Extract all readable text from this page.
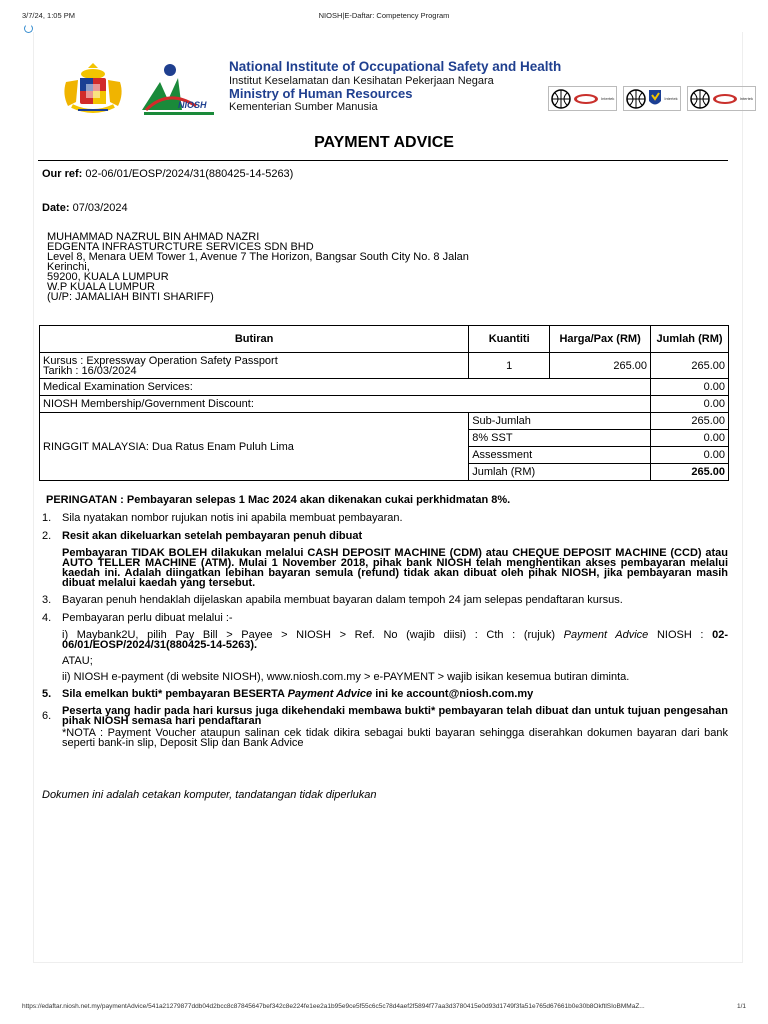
3/7/24, 1:05 PM	NIOSH|E-Daftar: Competency Program
NIOSH
National Institute of Occupational Safety and Health
Institut Keselamatan dan Kesihatan Pekerjaan Negara
Ministry of Human Resources
Kementerian Sumber Manusia
Intertek	Intertek	Intertek
PAYMENT ADVICE
Our ref: 02-06/01/EOSP/2024/31(880425-14-5263)
Date: 07/03/2024
MUHAMMAD NAZRUL BIN AHMAD NAZRI
EDGENTA INFRASTURCTURE SERVICES SDN BHD
Level 8, Menara UEM Tower 1, Avenue 7 The Horizon, Bangsar South City No. 8 Jalan
Kerinchi,
59200, KUALA LUMPUR
W.P KUALA LUMPUR
(U/P: JAMALIAH BINTI SHARIFF)
Butiran	Kuantiti	Harga/Pax (RM)	Jumlah (RM)

Kursus : Expressway Operation Safety Passport
Tarikh : 16/03/2024	1	265.00	265.00
Medical Examination Services:			0.00
NIOSH Membership/Government Discount:			0.00
RINGGIT MALAYSIA: Dua Ratus Enam Puluh Lima	Sub-Jumlah		265.00
	8% SST		0.00
	Assessment		0.00
	Jumlah (RM)		265.00
PERINGATAN : Pembayaran selepas 1 Mac 2024 akan dikenakan cukai perkhidmatan 8%.
1. Sila nyatakan nombor rujukan notis ini apabila membuat pembayaran.
2. Resit akan dikeluarkan setelah pembayaran penuh dibuat
Pembayaran TIDAK BOLEH dilakukan melalui CASH DEPOSIT MACHINE (CDM) atau CHEQUE DEPOSIT MACHINE (CCD) atau AUTO TELLER MACHINE (ATM). Mulai 1 November 2018, pihak bank NIOSH telah menghentikan akses pembayaran melalui kaedah ini. Adalah diingatkan lebihan bayaran semula (refund) tidak akan dibuat oleh pihak NIOSH, jika pembayaran masih dibuat melalui kaedah yang tersebut.
3. Bayaran penuh hendaklah dijelaskan apabila membuat bayaran dalam tempoh 24 jam selepas pendaftaran kursus.
4. Pembayaran perlu dibuat melalui :-
i) Maybank2U, pilih Pay Bill > Payee > NIOSH > Ref. No (wajib diisi) : Cth : (rujuk) Payment Advice NIOSH : 02-06/01/EOSP/2024/31(880425-14-5263).
ATAU;
ii) NIOSH e-payment (di website NIOSH), www.niosh.com.my > e-PAYMENT > wajib isikan kesemua butiran diminta.
5. Sila emelkan bukti* pembayaran BESERTA Payment Advice ini ke account@niosh.com.my
6. Peserta yang hadir pada hari kursus juga dikehendaki membawa bukti* pembayaran telah dibuat dan untuk tujuan pengesahan pihak NIOSH semasa hari pendaftaran
*NOTA : Payment Voucher ataupun salinan cek tidak dikira sebagai bukti bayaran sehingga diserahkan dokumen bayaran dari bank seperti bank-in slip, Deposit Slip dan Bank Advice
Dokumen ini adalah cetakan komputer, tandatangan tidak diperlukan
https://edaftar.niosh.net.my/paymentAdvice/541a21279877ddb04d2bcc8c87845647bef342c8e224fe1ee2a1b95e9ce5f55c6c5c78d4aef2f5894f77aa3d3780415e0d93d1749f3fa51e765d67661b0e30b8OkftlSIoBMMaZ...	1/1
